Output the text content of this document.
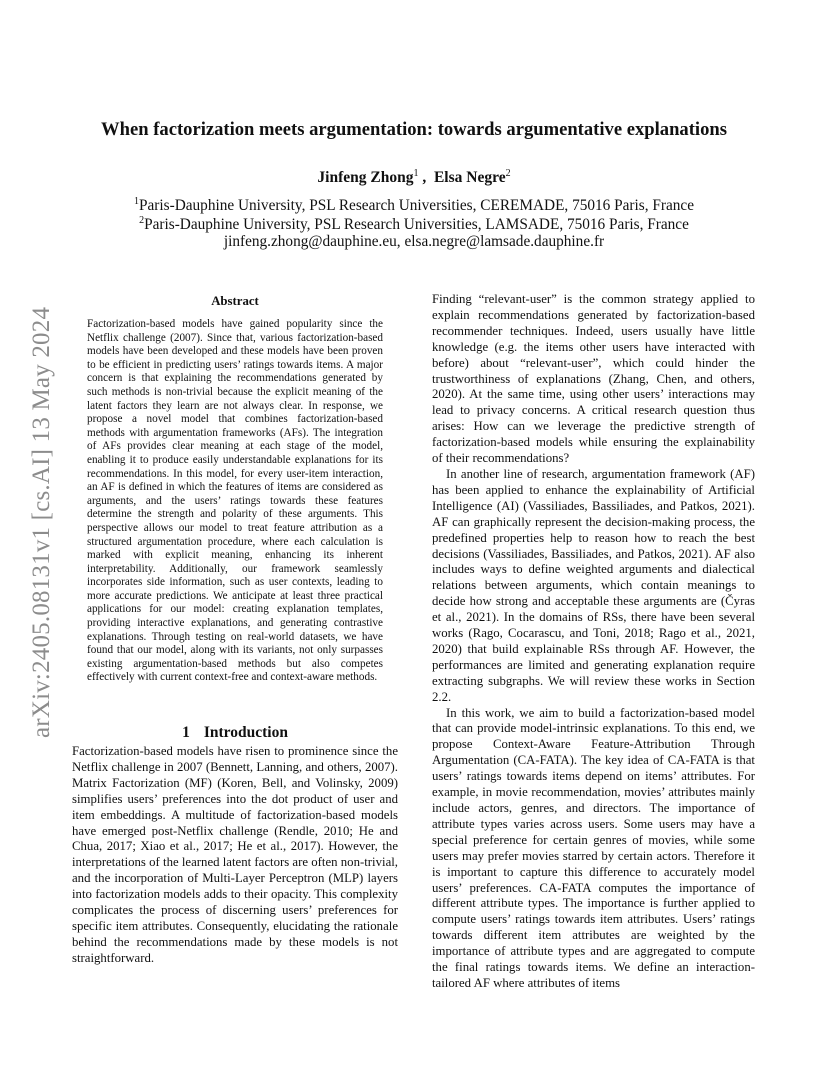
arXiv:2405.08131v1 [cs.AI] 13 May 2024
When factorization meets argumentation: towards argumentative explanations
Jinfeng Zhong$^1$ ,  Elsa Negre$^2$
$^1$Paris-Dauphine University, PSL Research Universities, CEREMADE, 75016 Paris, France
$^2$Paris-Dauphine University, PSL Research Universities, LAMSADE, 75016 Paris, France
jinfeng.zhong@dauphine.eu, elsa.negre@lamsade.dauphine.fr
Abstract
Factorization-based models have gained popularity since the Netflix challenge (2007). Since that, various factorization-based models have been developed and these models have been proven to be efficient in predicting users’ ratings towards items. A major concern is that explaining the recommendations generated by such methods is non-trivial because the explicit meaning of the latent factors they learn are not always clear. In response, we propose a novel model that combines factorization-based methods with argumentation frameworks (AFs). The integration of AFs provides clear meaning at each stage of the model, enabling it to produce easily understandable explanations for its recommendations. In this model, for every user-item interaction, an AF is defined in which the features of items are considered as arguments, and the users’ ratings towards these features determine the strength and polarity of these arguments. This perspective allows our model to treat feature attribution as a structured argumentation procedure, where each calculation is marked with explicit meaning, enhancing its inherent interpretability. Additionally, our framework seamlessly incorporates side information, such as user contexts, leading to more accurate predictions. We anticipate at least three practical applications for our model: creating explanation templates, providing interactive explanations, and generating contrastive explanations. Through testing on real-world datasets, we have found that our model, along with its variants, not only surpasses existing argumentation-based methods but also competes effectively with current context-free and context-aware methods.
1 Introduction

Factorization-based models have risen to prominence since the Netflix challenge in 2007 (Bennett, Lanning, and others, 2007). Matrix Factorization (MF) (Koren, Bell, and Volinsky, 2009) simplifies users’ preferences into the dot product of user and item embeddings. A multitude of factorization-based models have emerged post-Netflix challenge (Rendle, 2010; He and Chua, 2017; Xiao et al., 2017; He et al., 2017). However, the interpretations of the learned latent factors are often non-trivial, and the incorporation of Multi-Layer Perceptron (MLP) layers into factorization models adds to their opacity. This complexity complicates the process of discerning users’ preferences for specific item attributes. Consequently, elucidating the rationale behind the recommendations made by these models is not straightforward.

Finding “relevant-user” is the common strategy applied to explain recommendations generated by factorization-based recommender techniques. Indeed, users usually have little knowledge (e.g. the items other users have interacted with before) about “relevant-user”, which could hinder the trustworthiness of explanations (Zhang, Chen, and others, 2020). At the same time, using other users’ interactions may lead to privacy concerns. A critical research question thus arises: How can we leverage the predictive strength of factorization-based models while ensuring the explainability of their recommendations?

In another line of research, argumentation framework (AF) has been applied to enhance the explainability of Artificial Intelligence (AI) (Vassiliades, Bassiliades, and Patkos, 2021). AF can graphically represent the decision-making process, the predefined properties help to reason how to reach the best decisions (Vassiliades, Bassiliades, and Patkos, 2021). AF also includes ways to define weighted arguments and dialectical relations between arguments, which contain meanings to decide how strong and acceptable these arguments are (Čyras et al., 2021). In the domains of RSs, there have been several works (Rago, Cocarascu, and Toni, 2018; Rago et al., 2021, 2020) that build explainable RSs through AF. However, the performances are limited and generating explanation require extracting subgraphs. We will review these works in Section 2.2.

In this work, we aim to build a factorization-based model that can provide model-intrinsic explanations. To this end, we propose Context-Aware Feature-Attribution Through Argumentation (CA-FATA). The key idea of CA-FATA is that users’ ratings towards items depend on items’ attributes. For example, in movie recommendation, movies’ attributes mainly include actors, genres, and directors. The importance of attribute types varies across users. Some users may have a special preference for certain genres of movies, while some users may prefer movies starred by certain actors. Therefore it is important to capture this difference to accurately model users’ preferences. CA-FATA computes the importance of different attribute types. The importance is further applied to compute users’ ratings towards item attributes. Users’ ratings towards different item attributes are weighted by the importance of attribute types and are aggregated to compute the final ratings towards items. We define an interaction-tailored AF where attributes of items
